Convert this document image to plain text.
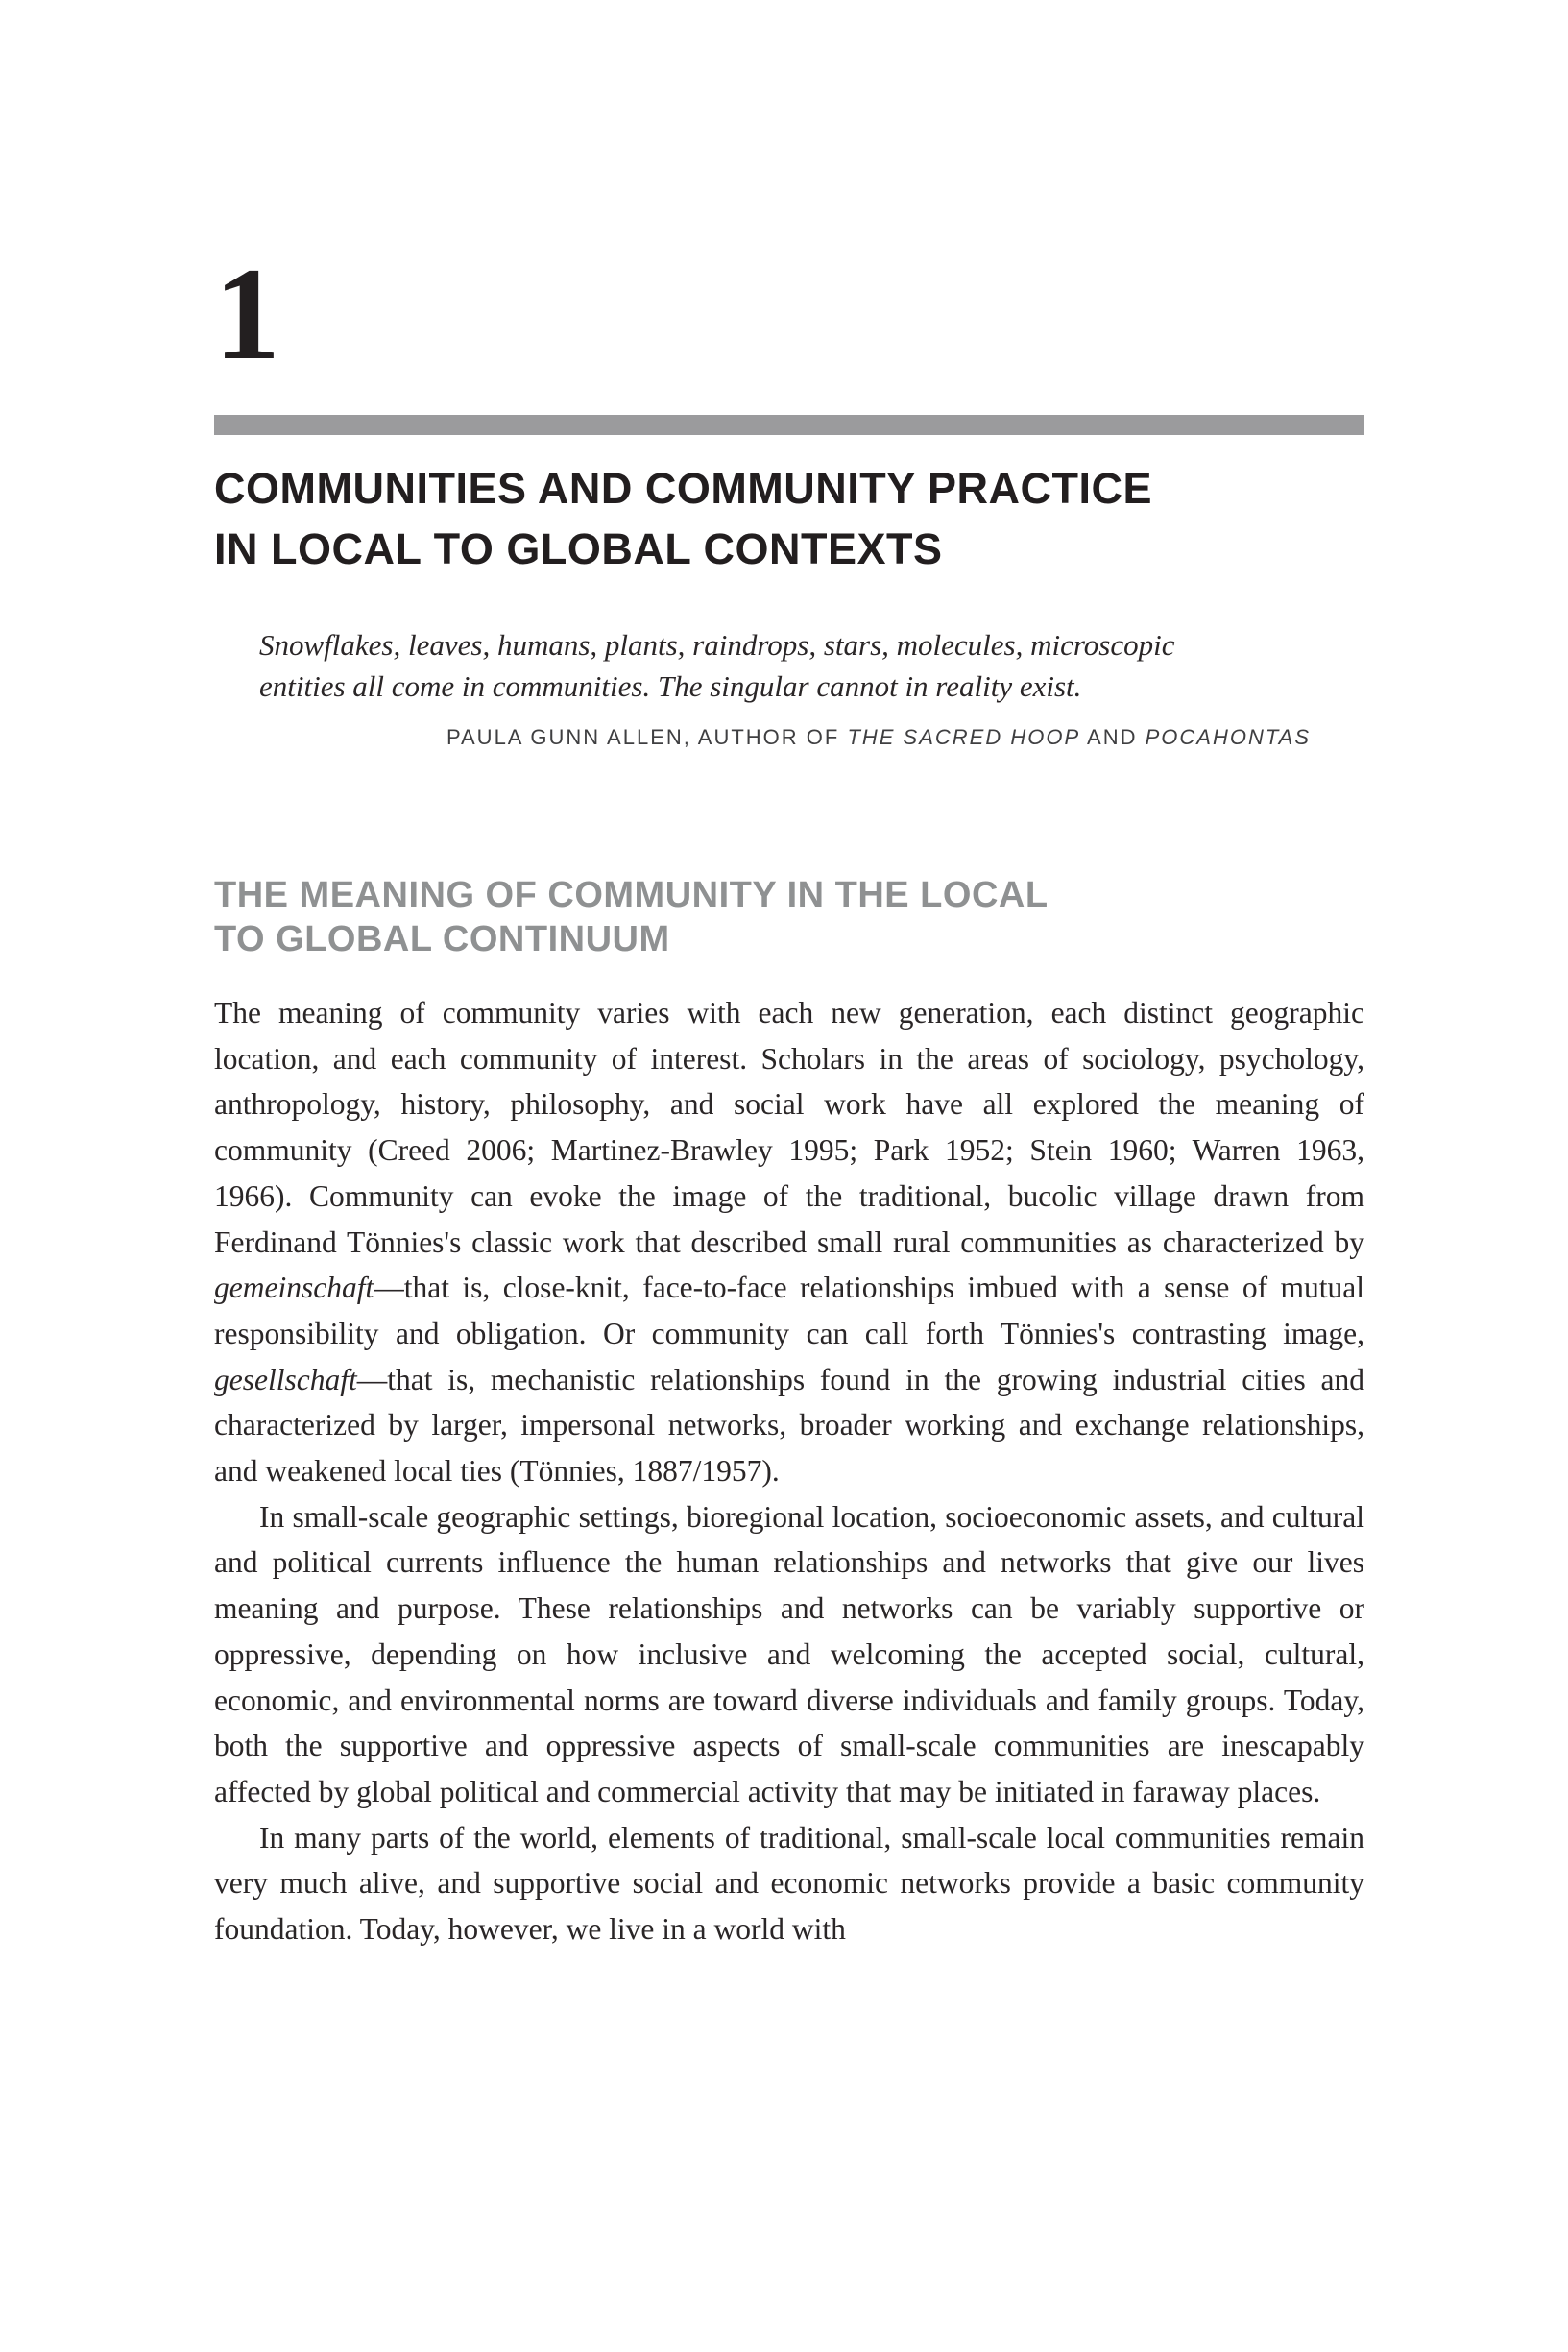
1
COMMUNITIES AND COMMUNITY PRACTICE
IN LOCAL TO GLOBAL CONTEXTS
Snowflakes, leaves, humans, plants, raindrops, stars, molecules, microscopic
entities all come in communities. The singular cannot in reality exist.
PAULA GUNN ALLEN, AUTHOR OF THE SACRED HOOP AND POCAHONTAS
THE MEANING OF COMMUNITY IN THE LOCAL
TO GLOBAL CONTINUUM

The meaning of community varies with each new generation, each distinct geographic location, and each community of interest. Scholars in the areas of sociology, psychology, anthropology, history, philosophy, and social work have all explored the meaning of community (Creed 2006; Martinez-Brawley 1995; Park 1952; Stein 1960; Warren 1963, 1966). Community can evoke the image of the traditional, bucolic village drawn from Ferdinand Tönnies's classic work that described small rural communities as characterized by gemeinschaft—that is, close-knit, face-to-face relationships imbued with a sense of mutual responsibility and obligation. Or community can call forth Tönnies's contrasting image, gesellschaft—that is, mechanistic relationships found in the growing industrial cities and characterized by larger, impersonal networks, broader working and exchange relationships, and weakened local ties (Tönnies, 1887/1957).

In small-scale geographic settings, bioregional location, socioeconomic assets, and cultural and political currents influence the human relationships and networks that give our lives meaning and purpose. These relationships and networks can be variably supportive or oppressive, depending on how inclusive and welcoming the accepted social, cultural, economic, and environmental norms are toward diverse individuals and family groups. Today, both the supportive and oppressive aspects of small-scale communities are inescapably affected by global political and commercial activity that may be initiated in faraway places.

In many parts of the world, elements of traditional, small-scale local communities remain very much alive, and supportive social and economic networks provide a basic community foundation. Today, however, we live in a world with
